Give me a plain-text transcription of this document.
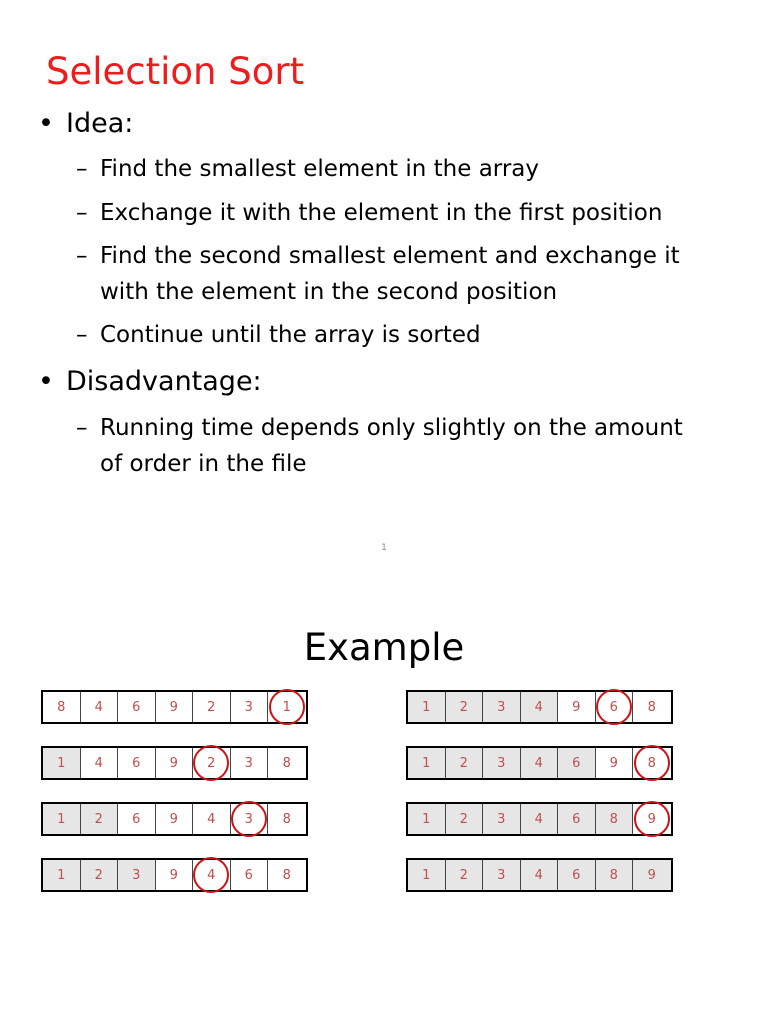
Selection Sort
• Idea:
– Find the smallest element in the array
– Exchange it with the element in the first position
– Find the second smallest element and exchange it
with the element in the second position
– Continue until the array is sorted
• Disadvantage:
– Running time depends only slightly on the amount
of order in the file
1
Example
8 4 6 9 2 3 1
1 4 6 9 2 3 8
1 2 6 9 4 3 8
1 2 3 9 4 6 8
1 2 3 4 9 6 8
1 2 3 4 6 9 8
1 2 3 4 6 8 9
1 2 3 4 6 8 9
